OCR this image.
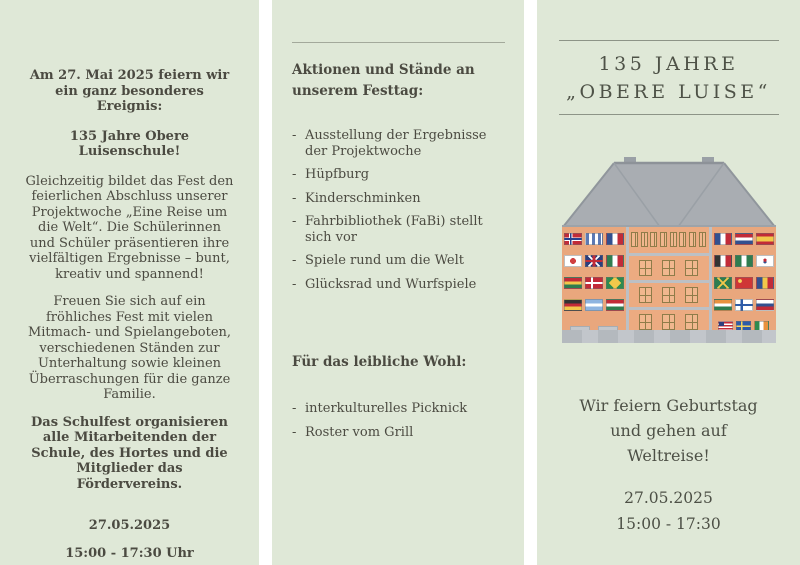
Am 27. Mai 2025 feiern wir ein ganz besonderes Ereignis:

135 Jahre Obere Luisenschule!

Gleichzeitig bildet das Fest den feierlichen Abschluss unserer Projektwoche „Eine Reise um die Welt“. Die Schülerinnen und Schüler präsentieren ihre vielfältigen Ergebnisse – bunt, kreativ und spannend!

Freuen Sie sich auf ein fröhliches Fest mit vielen Mitmach- und Spielangeboten, verschiedenen Ständen zur Unterhaltung sowie kleinen Überraschungen für die ganze Familie.

Das Schulfest organisieren alle Mitarbeitenden der Schule, des Hortes und die Mitglieder das Fördervereins.

27.05.2025

15:00 - 17:30 Uhr

Aktionen und Stände an unserem Festtag:
- Ausstellung der Ergebnisse der Projektwoche
- Hüpfburg
- Kinderschminken
- Fahrbibliothek (FaBi) stellt sich vor
- Spiele rund um die Welt
- Glücksrad und Wurfspiele
Für das leibliche Wohl:
- interkulturelles Picknick
- Roster vom Grill
135 JAHRE
„OBERE LUISE“
Wir feiern Geburtstag
und gehen auf
Weltreise!
27.05.2025
15:00 - 17:30
